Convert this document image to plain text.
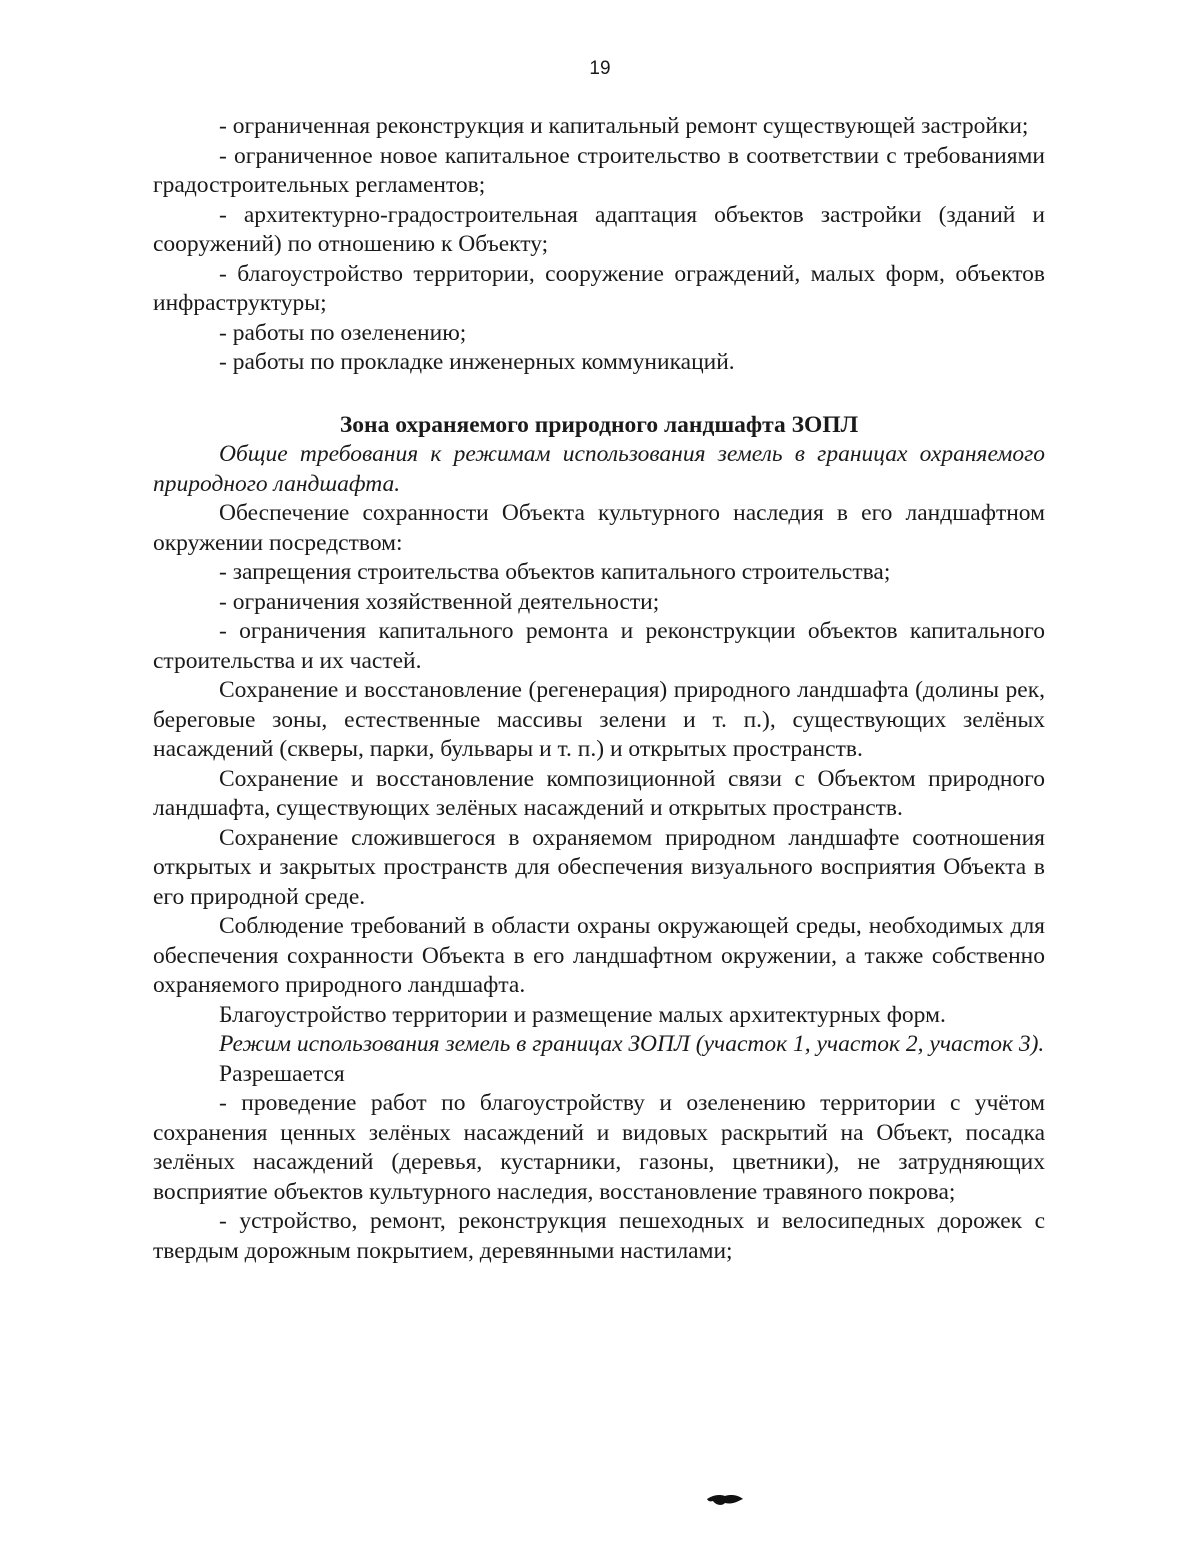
19

- ограниченная реконструкция и капитальный ремонт существующей застройки;

- ограниченное новое капитальное строительство в соответствии с требованиями градостроительных регламентов;

- архитектурно-градостроительная адаптация объектов застройки (зданий и сооружений) по отношению к Объекту;

- благоустройство территории, сооружение ограждений, малых форм, объектов инфраструктуры;

- работы по озеленению;

- работы по прокладке инженерных коммуникаций.

Зона охраняемого природного ландшафта ЗОПЛ

Общие требования к режимам использования земель в границах охраняемого природного ландшафта.

Обеспечение сохранности Объекта культурного наследия в его ландшафтном окружении посредством:

- запрещения строительства объектов капитального строительства;

- ограничения хозяйственной деятельности;

- ограничения капитального ремонта и реконструкции объектов капитального строительства и их частей.

Сохранение и восстановление (регенерация) природного ландшафта (долины рек, береговые зоны, естественные массивы зелени и т. п.), существующих зелёных насаждений (скверы, парки, бульвары и т. п.) и открытых пространств.

Сохранение и восстановление композиционной связи с Объектом природного ландшафта, существующих зелёных насаждений и открытых пространств.

Сохранение сложившегося в охраняемом природном ландшафте соотношения открытых и закрытых пространств для обеспечения визуального восприятия Объекта в его природной среде.

Соблюдение требований в области охраны окружающей среды, необходимых для обеспечения сохранности Объекта в его ландшафтном окружении, а также собственно охраняемого природного ландшафта.

Благоустройство территории и размещение малых архитектурных форм.

Режим использования земель в границах ЗОПЛ (участок 1, участок 2, участок 3).

Разрешается

- проведение работ по благоустройству и озеленению территории с учётом сохранения ценных зелёных насаждений и видовых раскрытий на Объект, посадка зелёных насаждений (деревья, кустарники, газоны, цветники), не затрудняющих восприятие объектов культурного наследия, восстановление травяного покрова;

- устройство, ремонт, реконструкция пешеходных и велосипедных дорожек с твердым дорожным покрытием, деревянными настилами;
